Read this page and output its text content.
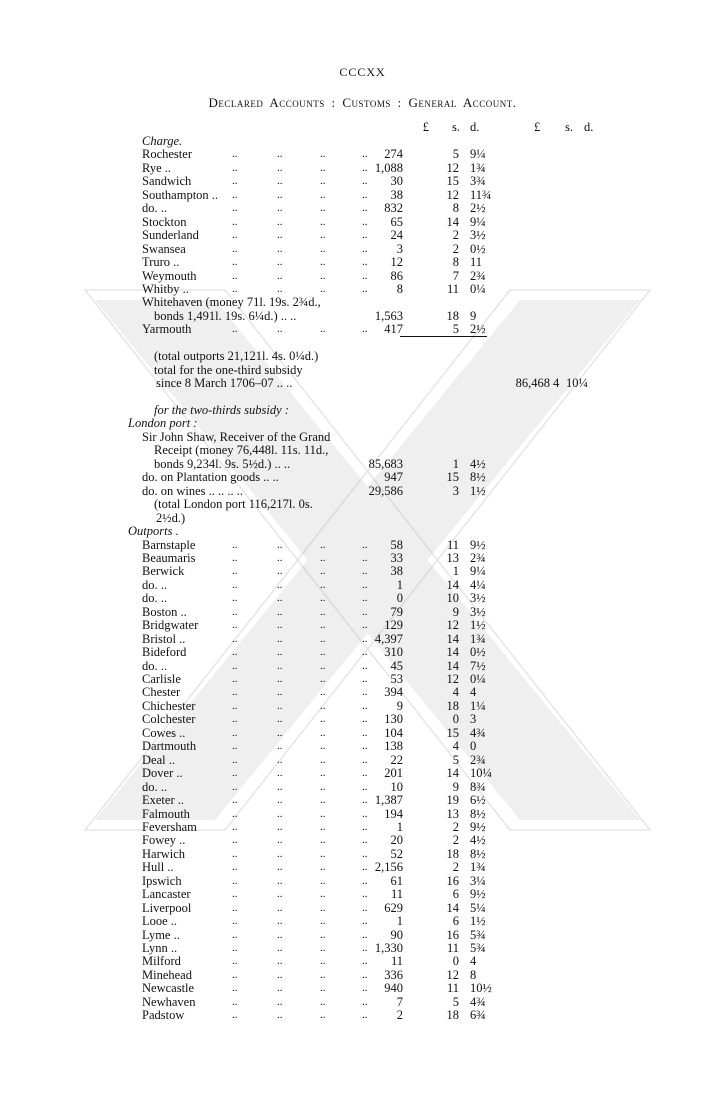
CCCXX
Declared Accounts : Customs : General Account.
£ s. d.	£ s. d.
Charge.
Rochester	..	..	..	.. 274	5 9¼
Rye ..	..	..	..	.. 1,088	12 1¾
Sandwich	..	..	..	.. 30	15 3¾
Southampton .. ..	..	..	.. 38	12 11¾
do. ..	..	..	..	.. 832	8 2½
Stockton	..	..	..	.. 65	14 9¼
Sunderland	..	..	..	.. 24	2 3½
Swansea	..	..	..	.. 3	2 0½
Truro ..	..	..	..	.. 12	8 11
Weymouth	..	..	..	.. 86	7 2¾
Whitby ..	..	..	..	.. 8	11 0¼
Whitehaven (money 71l. 19s. 2¾d.,
bonds 1,491l. 19s. 6¼d.) .. ..	1,563	18 9
Yarmouth	..	..	..	.. 417	5 2½
(total outports 21,121l. 4s. 0¼d.)
total for the one-third subsidy
since 8 March 1706–07 .. ..	86,468 4 10¼
for the two-thirds subsidy :
London port :
Sir John Shaw, Receiver of the Grand
Receipt (money 76,448l. 11s. 11d.,
bonds 9,234l. 9s. 5½d.) .. ..	85,683	1 4½
do. on Plantation goods .. ..	947	15 8½
do. on wines .. .. .. ..	29,586	3 1½
(total London port 116,217l. 0s.
2½d.)
Outports .
Barnstaple	..	..	..	.. 58	11 9½
Beaumaris	..	..	..	.. 33	13 2¾
Berwick	..	..	..	.. 38	1 9¼
do. ..	..	..	..	.. 1	14 4¼
do. ..	..	..	..	.. 0	10 3½
Boston ..	..	..	..	.. 79	9 3½
Bridgwater	..	..	..	.. 129	12 1½
Bristol ..	..	..	..	.. 4,397	14 1¾
Bideford	..	..	..	.. 310	14 0½
do. ..	..	..	..	.. 45	14 7½
Carlisle	..	..	..	.. 53	12 0¼
Chester	..	..	..	.. 394	4 4
Chichester	..	..	..	.. 9	18 1¼
Colchester	..	..	..	.. 130	0 3
Cowes ..	..	..	..	.. 104	15 4¾
Dartmouth	..	..	..	.. 138	4 0
Deal ..	..	..	..	.. 22	5 2¾
Dover ..	..	..	..	.. 201	14 10¼
do. ..	..	..	..	.. 10	9 8¾
Exeter ..	..	..	..	.. 1,387	19 6½
Falmouth	..	..	..	.. 194	13 8½
Feversham	..	..	..	.. 1	2 9½
Fowey ..	..	..	..	.. 20	2 4½
Harwich	..	..	..	.. 52	18 8½
Hull ..	..	..	..	.. 2,156	2 1¾
Ipswich	..	..	..	.. 61	16 3¼
Lancaster	..	..	..	.. 11	6 9½
Liverpool	..	..	..	.. 629	14 5¼
Looe ..	..	..	..	.. 1	6 1½
Lyme ..	..	..	..	.. 90	16 5¾
Lynn ..	..	..	..	.. 1,330	11 5¾
Milford	..	..	..	.. 11	0 4
Minehead	..	..	..	.. 336	12 8
Newcastle	..	..	..	.. 940	11 10½
Newhaven	..	..	..	.. 7	5 4¾
Padstow	..	..	..	.. 2	18 6¾
